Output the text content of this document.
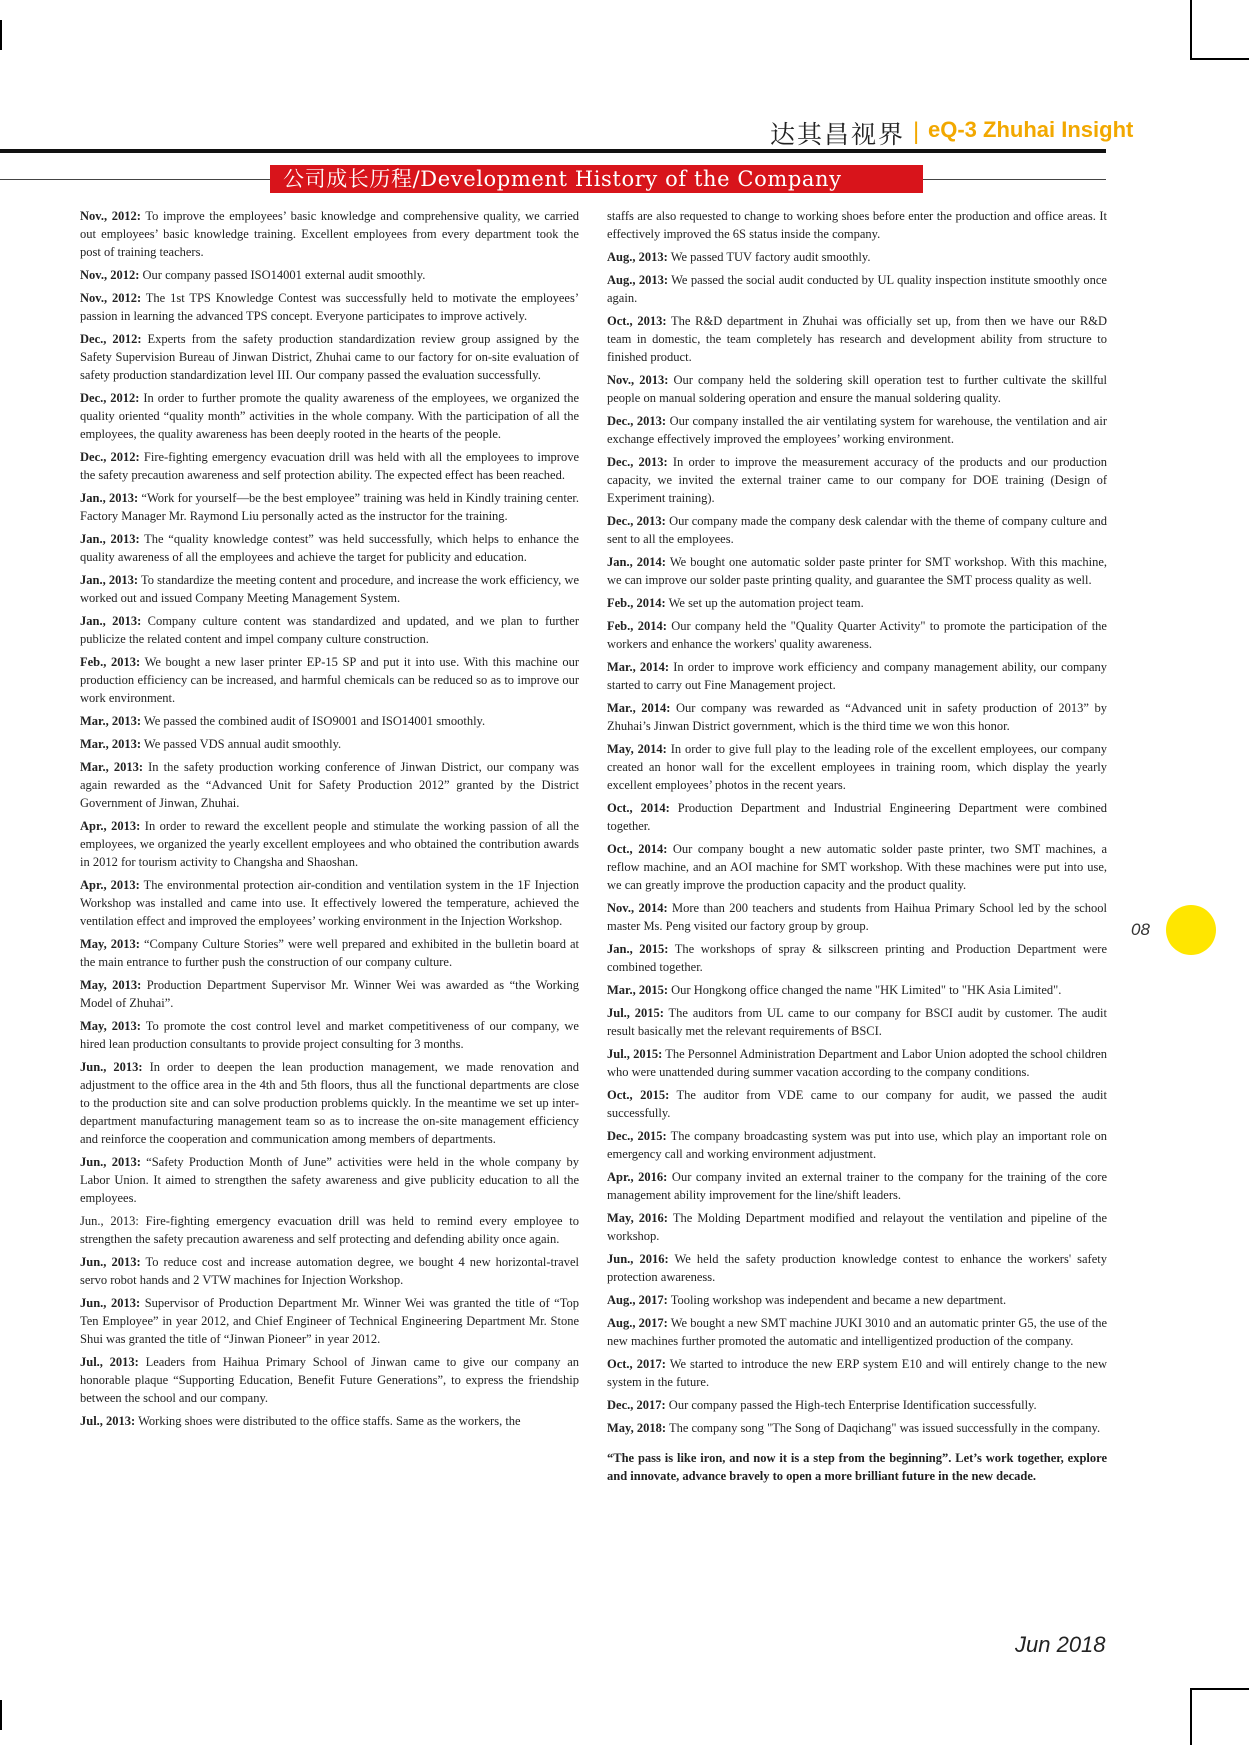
达其昌视界 | eQ-3 Zhuhai Insight
公司成长历程/Development History of the Company

Nov., 2012: To improve the employees’ basic knowledge and comprehensive quality, we carried out employees’ basic knowledge training. Excellent employees from every department took the post of training teachers.

Nov., 2012: Our company passed ISO14001 external audit smoothly.

Nov., 2012: The 1st TPS Knowledge Contest was successfully held to motivate the employees’ passion in learning the advanced TPS concept. Everyone participates to improve actively.

Dec., 2012: Experts from the safety production standardization review group assigned by the Safety Supervision Bureau of Jinwan District, Zhuhai came to our factory for on-site evaluation of safety production standardization level III. Our company passed the evaluation successfully.

Dec., 2012: In order to further promote the quality awareness of the employees, we organized the quality oriented “quality month” activities in the whole company. With the participation of all the employees, the quality awareness has been deeply rooted in the hearts of the people.

Dec., 2012: Fire-fighting emergency evacuation drill was held with all the employees to improve the safety precaution awareness and self protection ability. The expected effect has been reached.

Jan., 2013: “Work for yourself—be the best employee” training was held in Kindly training center. Factory Manager Mr. Raymond Liu personally acted as the instructor for the training.

Jan., 2013: The “quality knowledge contest” was held successfully, which helps to enhance the quality awareness of all the employees and achieve the target for publicity and education.

Jan., 2013: To standardize the meeting content and procedure, and increase the work efficiency, we worked out and issued Company Meeting Management System.

Jan., 2013: Company culture content was standardized and updated, and we plan to further publicize the related content and impel company culture construction.

Feb., 2013: We bought a new laser printer EP-15 SP and put it into use. With this machine our production efficiency can be increased, and harmful chemicals can be reduced so as to improve our work environment.

Mar., 2013: We passed the combined audit of ISO9001 and ISO14001 smoothly.

Mar., 2013: We passed VDS annual audit smoothly.

Mar., 2013: In the safety production working conference of Jinwan District, our company was again rewarded as the “Advanced Unit for Safety Production 2012” granted by the District Government of Jinwan, Zhuhai.

Apr., 2013: In order to reward the excellent people and stimulate the working passion of all the employees, we organized the yearly excellent employees and who obtained the contribution awards in 2012 for tourism activity to Changsha and Shaoshan.

Apr., 2013: The environmental protection air-condition and ventilation system in the 1F Injection Workshop was installed and came into use. It effectively lowered the temperature, achieved the ventilation effect and improved the employees’ working environment in the Injection Workshop.

May, 2013: “Company Culture Stories” were well prepared and exhibited in the bulletin board at the main entrance to further push the construction of our company culture.

May, 2013: Production Department Supervisor Mr. Winner Wei was awarded as “the Working Model of Zhuhai”.

May, 2013: To promote the cost control level and market competitiveness of our company, we hired lean production consultants to provide project consulting for 3 months.

Jun., 2013: In order to deepen the lean production management, we made renovation and adjustment to the office area in the 4th and 5th floors, thus all the functional departments are close to the production site and can solve production problems quickly. In the meantime we set up inter-department manufacturing management team so as to increase the on-site management efficiency and reinforce the cooperation and communication among members of departments.

Jun., 2013: “Safety Production Month of June” activities were held in the whole company by Labor Union. It aimed to strengthen the safety awareness and give publicity education to all the employees.

Jun., 2013: Fire-fighting emergency evacuation drill was held to remind every employee to strengthen the safety precaution awareness and self protecting and defending ability once again.

Jun., 2013: To reduce cost and increase automation degree, we bought 4 new horizontal-travel servo robot hands and 2 VTW machines for Injection Workshop.

Jun., 2013: Supervisor of Production Department Mr. Winner Wei was granted the title of “Top Ten Employee” in year 2012, and Chief Engineer of Technical Engineering Department Mr. Stone Shui was granted the title of “Jinwan Pioneer” in year 2012.

Jul., 2013: Leaders from Haihua Primary School of Jinwan came to give our company an honorable plaque “Supporting Education, Benefit Future Generations”, to express the friendship between the school and our company.

Jul., 2013: Working shoes were distributed to the office staffs. Same as the workers, the

staffs are also requested to change to working shoes before enter the production and office areas. It effectively improved the 6S status inside the company.

Aug., 2013: We passed TUV factory audit smoothly.

Aug., 2013: We passed the social audit conducted by UL quality inspection institute smoothly once again.

Oct., 2013: The R&D department in Zhuhai was officially set up, from then we have our R&D team in domestic, the team completely has research and development ability from structure to finished product.

Nov., 2013: Our company held the soldering skill operation test to further cultivate the skillful people on manual soldering operation and ensure the manual soldering quality.

Dec., 2013: Our company installed the air ventilating system for warehouse, the ventilation and air exchange effectively improved the employees’ working environment.

Dec., 2013: In order to improve the measurement accuracy of the products and our production capacity, we invited the external trainer came to our company for DOE training (Design of Experiment training).

Dec., 2013: Our company made the company desk calendar with the theme of company culture and sent to all the employees.

Jan., 2014: We bought one automatic solder paste printer for SMT workshop. With this machine, we can improve our solder paste printing quality, and guarantee the SMT process quality as well.

Feb., 2014: We set up the automation project team.

Feb., 2014: Our company held the "Quality Quarter Activity" to promote the participation of the workers and enhance the workers' quality awareness.

Mar., 2014: In order to improve work efficiency and company management ability, our company started to carry out Fine Management project.

Mar., 2014: Our company was rewarded as “Advanced unit in safety production of 2013” by Zhuhai’s Jinwan District government, which is the third time we won this honor.

May, 2014: In order to give full play to the leading role of the excellent employees, our company created an honor wall for the excellent employees in training room, which display the yearly excellent employees’ photos in the recent years.

Oct., 2014: Production Department and Industrial Engineering Department were combined together.

Oct., 2014: Our company bought a new automatic solder paste printer, two SMT machines, a reflow machine, and an AOI machine for SMT workshop. With these machines were put into use, we can greatly improve the production capacity and the product quality.

Nov., 2014: More than 200 teachers and students from Haihua Primary School led by the school master Ms. Peng visited our factory group by group.

Jan., 2015: The workshops of spray & silkscreen printing and Production Department were combined together.

Mar., 2015: Our Hongkong office changed the name "HK Limited" to "HK Asia Limited".

Jul., 2015: The auditors from UL came to our company for BSCI audit by customer. The audit result basically met the relevant requirements of BSCI.

Jul., 2015: The Personnel Administration Department and Labor Union adopted the school children who were unattended during summer vacation according to the company conditions.

Oct., 2015: The auditor from VDE came to our company for audit, we passed the audit successfully.

Dec., 2015: The company broadcasting system was put into use, which play an important role on emergency call and working environment adjustment.

Apr., 2016: Our company invited an external trainer to the company for the training of the core management ability improvement for the line/shift leaders.

May, 2016: The Molding Department modified and relayout the ventilation and pipeline of the workshop.

Jun., 2016: We held the safety production knowledge contest to enhance the workers' safety protection awareness.

Aug., 2017: Tooling workshop was independent and became a new department.

Aug., 2017: We bought a new SMT machine JUKI 3010 and an automatic printer G5, the use of the new machines further promoted the automatic and intelligentized production of the company.

Oct., 2017: We started to introduce the new ERP system E10 and will entirely change to the new system in the future.

Dec., 2017: Our company passed the High-tech Enterprise Identification successfully.

May, 2018: The company song "The Song of Daqichang" was issued successfully in the company.

“The pass is like iron, and now it is a step from the beginning”. Let’s work together, explore and innovate, advance bravely to open a more brilliant future in the new decade.

08
Jun 2018
